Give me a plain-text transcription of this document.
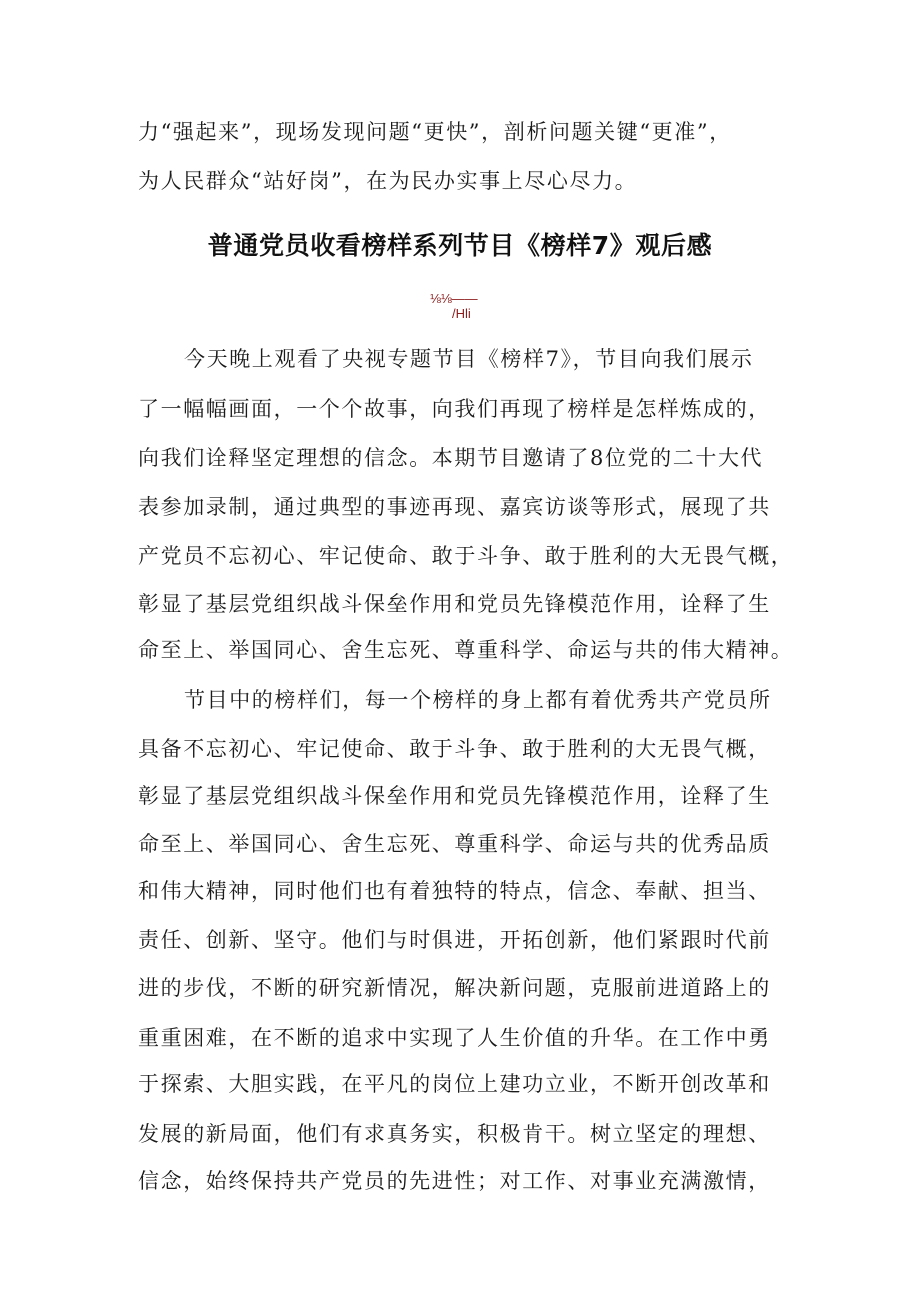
力“强起来”，现场发现问题“更快”，剖析问题关键“更准”，
为人民群众“站好岗”，在为民办实事上尽心尽力。
普通党员收看榜样系列节目《榜样7》观后感
⅛⅛——
/Hli
今天晚上观看了央视专题节目《榜样7》，节目向我们展示
了一幅幅画面，一个个故事，向我们再现了榜样是怎样炼成的，
向我们诠释坚定理想的信念。本期节目邀请了8位党的二十大代
表参加录制，通过典型的事迹再现、嘉宾访谈等形式，展现了共
产党员不忘初心、牢记使命、敢于斗争、敢于胜利的大无畏气概，
彰显了基层党组织战斗保垒作用和党员先锋模范作用，诠释了生
命至上、举国同心、舍生忘死、尊重科学、命运与共的伟大精神。
节目中的榜样们，每一个榜样的身上都有着优秀共产党员所
具备不忘初心、牢记使命、敢于斗争、敢于胜利的大无畏气概，
彰显了基层党组织战斗保垒作用和党员先锋模范作用，诠释了生
命至上、举国同心、舍生忘死、尊重科学、命运与共的优秀品质
和伟大精神，同时他们也有着独特的特点，信念、奉献、担当、
责任、创新、坚守。他们与时俱进，开拓创新，他们紧跟时代前
进的步伐，不断的研究新情况，解决新问题，克服前进道路上的
重重困难，在不断的追求中实现了人生价值的升华。在工作中勇
于探索、大胆实践，在平凡的岗位上建功立业，不断开创改革和
发展的新局面，他们有求真务实，积极肯干。树立坚定的理想、
信念，始终保持共产党员的先进性；对工作、对事业充满激情，
